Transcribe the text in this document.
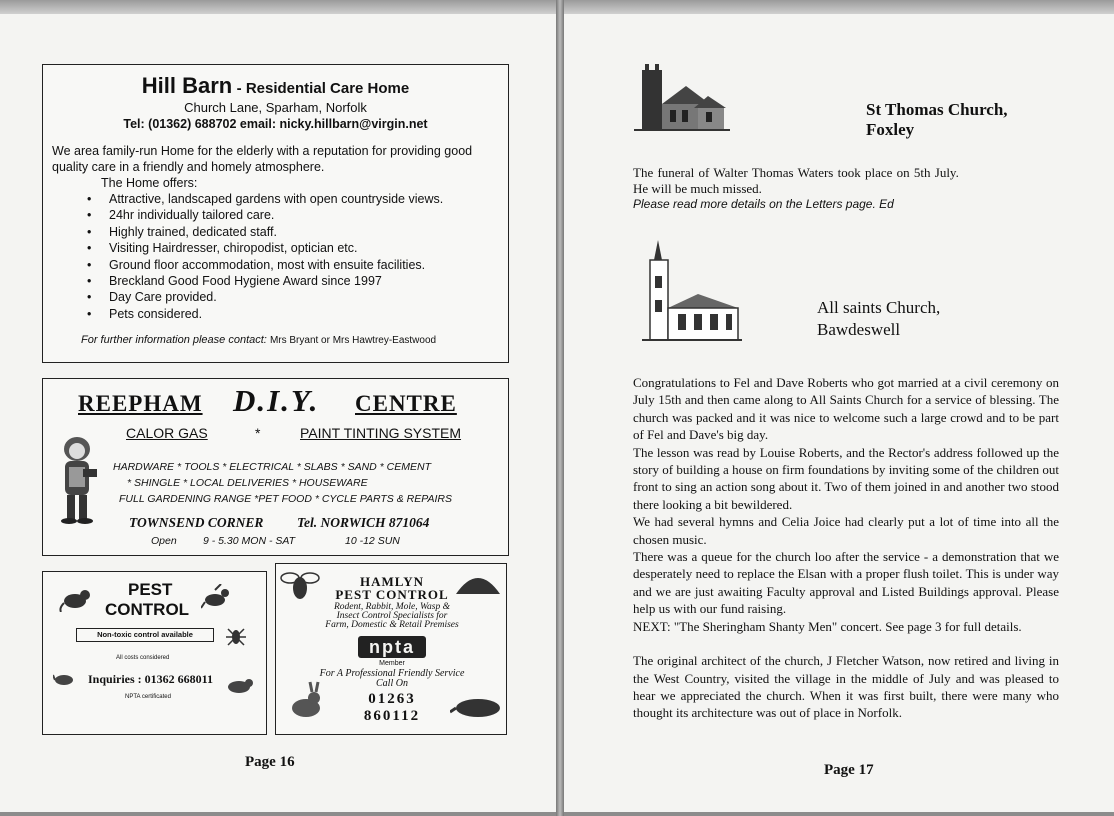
Hill Barn - Residential Care Home
Church Lane, Sparham, Norfolk
Tel: (01362) 688702 email: nicky.hillbarn@virgin.net
We area family-run Home for the elderly with a reputation for providing good quality care in a friendly and homely atmosphere.
The Home offers:
• Attractive, landscaped gardens with open countryside views.
• 24hr individually tailored care.
• Highly trained, dedicated staff.
• Visiting Hairdresser, chiropodist, optician etc.
• Ground floor accommodation, most with ensuite facilities.
• Breckland Good Food Hygiene Award since 1997
• Day Care provided.
• Pets considered.
For further information please contact: Mrs Bryant or Mrs Hawtrey-Eastwood
REEPHAM D.I.Y. CENTRE
CALOR GAS	*	PAINT TINTING SYSTEM
HARDWARE * TOOLS * ELECTRICAL * SLABS * SAND * CEMENT
* SHINGLE * LOCAL DELIVERIES * HOUSEWARE
FULL GARDENING RANGE *PET FOOD * CYCLE PARTS & REPAIRS
TOWNSEND CORNER Tel. NORWICH 871064
Open	9 - 5.30 MON - SAT	10 -12 SUN
PEST
CONTROL
Non-toxic control available
All costs considered
Inquiries : 01362 668011
NPTA certificated
HAMLYN
PEST CONTROL
Rodent, Rabbit, Mole, Wasp &
Insect Control Specialists for
Farm, Domestic & Retail Premises
npta
Member
For A Professional Friendly Service
Call On
01263
860112
Page 16
St Thomas Church,
Foxley
The funeral of Walter Thomas Waters took place on 5th July.
He will be much missed.
Please read more details on the Letters page. Ed
All saints Church,
Bawdeswell
Congratulations to Fel and Dave Roberts who got married at a civil ceremony on July 15th and then came along to All Saints Church for a service of blessing. The church was packed and it was nice to welcome such a large crowd and to be part of Fel and Dave's big day.
The lesson was read by Louise Roberts, and the Rector's address followed up the story of building a house on firm foundations by inviting some of the children out front to sing an action song about it. Two of them joined in and another two stood there looking a bit bewildered.
We had several hymns and Celia Joice had clearly put a lot of time into all the chosen music.
There was a queue for the church loo after the service - a demonstration that we desperately need to replace the Elsan with a proper flush toilet. This is under way and we are just awaiting Faculty approval and Listed Buildings approval. Please help us with our fund raising.
NEXT: "The Sheringham Shanty Men" concert. See page 3 for full details.
The original architect of the church, J Fletcher Watson, now retired and living in the West Country, visited the village in the middle of July and was pleased to hear we appreciated the church. When it was first built, there were many who thought its architecture was out of place in Norfolk.
Page 17
